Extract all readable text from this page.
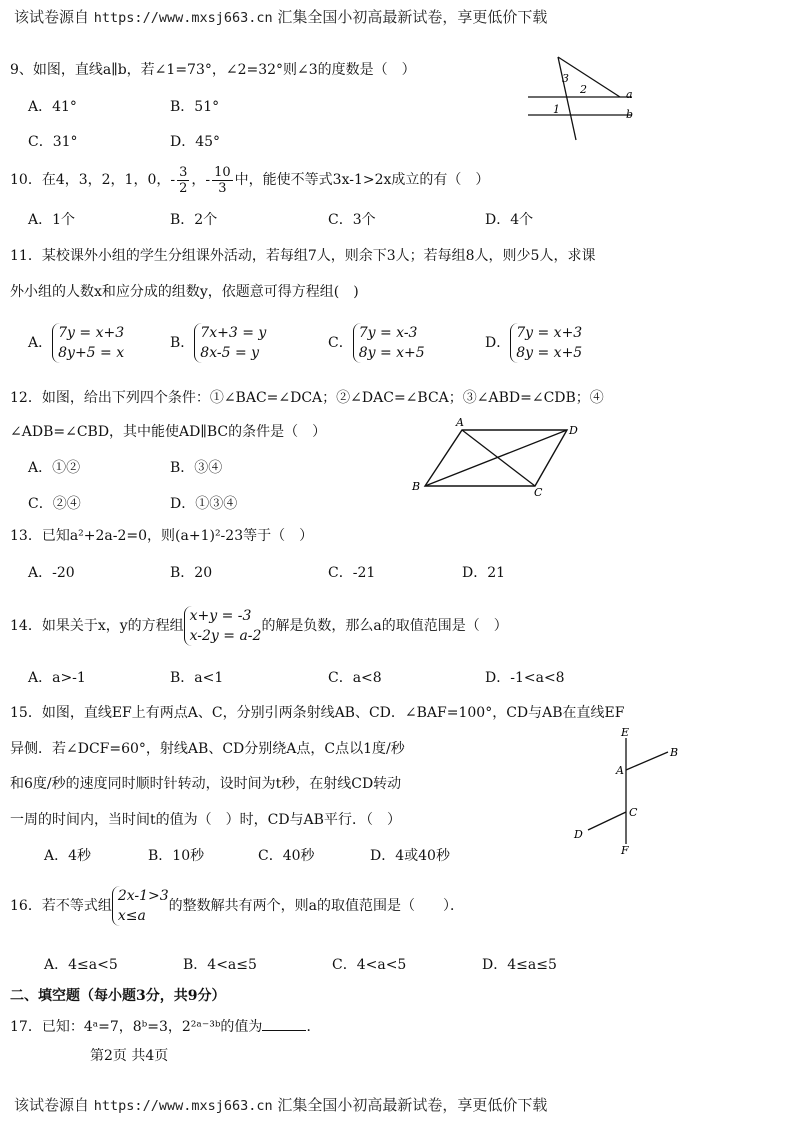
该试卷源自 https://www.mxsj663.cn 汇集全国小初高最新试卷，享更低价下载
9、如图，直线a∥b，若∠1=73°，∠2=32°则∠3的度数是（　）
A．41°	B．51°
C．31°	D．45°
3
2
1
a
b
10．在4，3，2，1，0，- $\frac{3}{2}$ ，- $\frac{10}{3}$ 中，能使不等式3x-1>2x成立的有（　）
A．1个	B．2个	C．3个	D．4个
11．某校课外小组的学生分组课外活动，若每组7人，则余下3人；若每组8人，则少5人，求课
外小组的人数x和应分成的组数y，依题意可得方程组(　)
A．
7y = x+3
8y+5 = x
B．
7x+3 = y
8x-5 = y
C．
7y = x-3
8y = x+5
D．
7y = x+3
8y = x+5
12．如图，给出下列四个条件：①∠BAC=∠DCA；②∠DAC=∠BCA；③∠ABD=∠CDB；④
∠ADB=∠CBD，其中能使AD∥BC的条件是（　）
A．①②	B．③④
C．②④	D．①③④
A
D
B	C
13．已知a²+2a-2=0，则(a+1)²-23等于（　）
A．-20	B．20	C．-21	D．21
14．如果关于x，y的方程组
x+y = -3
x-2y = a-2
的解是负数，那么a的取值范围是（　）
A．a>-1	B．a<1	C．a<8	D．-1<a<8
15．如图，直线EF上有两点A、C，分别引两条射线AB、CD．∠BAF=100°，CD与AB在直线EF
异侧．若∠DCF=60°，射线AB、CD分别绕A点，C点以1度/秒
和6度/秒的速度同时顺时针转动，设时间为t秒，在射线CD转动
一周的时间内，当时间t的值为（　）时，CD与AB平行．（　）
A．4秒	B．10秒	C．40秒	D．4或40秒
E
B
A
C
D
F
16．若不等式组
2x-1>3
x≤a
的整数解共有两个，则a的取值范围是（　　）．
A．4≤a<5	B．4<a≤5	C．4<a<5	D．4≤a≤5
二、填空题（每小题3分，共9分）
17．已知：4ᵃ=7，8ᵇ=3，2²ᵃ⁻³ᵇ的值为	．
第2页 共4页
该试卷源自 https://www.mxsj663.cn 汇集全国小初高最新试卷，享更低价下载
